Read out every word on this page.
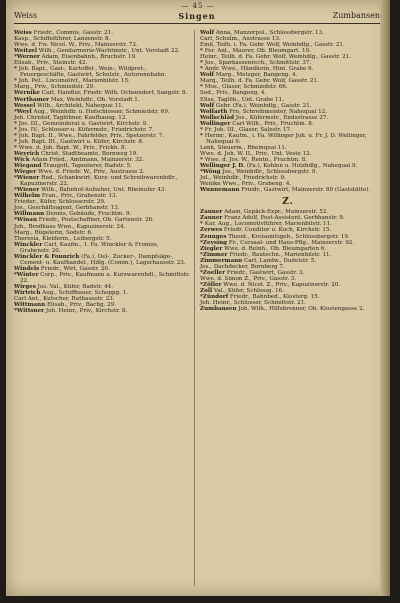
— 45 —
Weiss	Singen	Zumbansen

Weiss Friedr., Commis, Gasstr. 21.

Kasp., Schiffeführer, Lanzenstr. 8.

Wwe. d. Fw. Nicol. W., Priv., Mainzerstr. 72.

Weitzel Wilh., Gendarmerie-Wachtmstr., Unt. Vorstadt 22.

*Werner Adam, Eisenbahnh., Bruchstr. 19.

Elisab., Priv., Steinstr. 42.

* Joh. Bapt., Gast-, Kartoffel-, Wein-, Wildpret-, Feuergeschäfte, Gastwirt, Schulstr., Autorennbahn.

* Joh. Pet., Locomotivf., Marienbilstr. 15.

Marg., Priv., Schmiedstr. 29.

Wernike Carl, Handler, Friedr. Wilh. Ochsendorf, Sangstr. 8.

Werthamer Max, Weinhdlr., Ob. Vorstadt 1.

Wessel Wilh., Architekt, Nahequai 11.

*Weyl Aug., Weinhdlr. u. Hofschlosser, Schmiedstr. 69.

Joh. Christof, Taglöhner, Kaufhausg. 12.

* Jos. III., Gemeinderat u. Gastwirt, Kirchstr. 9.

* Jos. IV., Schlosser-u. Küfermstr., Friedrichstr. 7.

* Joh. Bapt. II., Wwe., Fahrfelder, Priv., Spetzerstr. 7.

* Joh. Bapt. III., Gastwirt u. Küfer, Kirchstr. 8.

* Wwe. d. Joh. Bapt. W., Priv., Frickh. 8.

Weyrich Christ. Stadtbeamte, Bornweg 19.

Wick Adam Fried., Amtmann, Mainzerstr. 32.

Wiegand Traugott, Tapezierer, Badstr. 5.

Wieger Wwe. d. Friedr. W., Priv., Austrasse 2.

*Wiener Rud., Schankwirt, Kurz- und Schreibwarenhdlr., Kapuzinerstr. 22.

*Wiener Wilh., Bahnhof-Aufseher, Unt. Rheinufer 43.

Wilhelm Fran., Priv., Grabenstr. 13.

Frieder., Küfer, Schlosserstr. 29.

Jos., Geschäftsagent, Gerbhanstr. 13.

Willmann Dennis, Gebäude, Fruchtm. 9.

*Winau Friedr., Postschaffner, Ob. Gartenstr. 26.

Joh., Brodhaus Wwe., Kapuzinerstr. 24.

Marg., Bügelerin, Sodstr. 6.

Theresia, Kleiderm., Leibergstr. 5.

Winckler Carl, Kaufm., 1. Fa. Winckler & Fronius, Grabenstr. 20.

Winckler & Fonnrich (Fa.), Oel-, Zucker-, Dampfsäge-, Cement- u. Kaufhandel., Hdlg. (Comm.), Lagerhausstr. 23.

Windels Friedr., Wirt, Gasstr. 20.

*Winter Corp., Priv., Kaufmann u. Kurzwarenhdl., Schmittstr. 22.

Wirges Jos. Val., Küfer, Badstr. 44.

Wirtrich Aug., Schiffbauer, Schoppg. 1.

Carl Ant., Kutscher, Rathausstr. 23.

Wittmann Elisab., Priv., Bachg. 29.

*Wittsner Joh. Heinr., Priv., Kirchstr. 8.

Wolf Anna, Manzerpol., Schlossbergstr. 13.

Carl, Schulm., Austrasse 13.

Emil, Teilh. i. Fa. Gebr. Wolf, Weinhdlg., Gasstr. 21.

* Fer. Ant., Maurer, Ob. Bleumgart. 19.

Heinr., Teilh. d. Fa. Gebr. Wolf, Weinhdlg., Gasstr. 21.

* Jos., Sparkassenrech., Schmittstr. 37.

* Andr. Wwe., Händlerin, Hint. Grabe 6.

Wolf Marg., Metzger, Bangeng. 4.

Marq., Teilh. d. Fa. Gebr. Wolf, Gasstr. 21.

* Mos., Glaser, Schmiedstr. 66.

Sod., Priv., Bangeng. 4.

Elise, Taglöh., Unt. Grabe 11.

Wolf Gebr. (Fa.), Weinhdlg., Gasstr. 21.

Wolfarth Fro, Schreibmeister, Nahequai 12.

Wollschläd Jos., Küfermstr., Endsstrasse 27.

Wollinger Carl Wilh., Priv., Fruchtm. 8.

* Fr. Joh. III., Glaser, Salzstr. 17.

* Hermr., Kaufm., i. Fa. Willinger Joh. u. Fr. J. D. Wellinger, Nahequai 9.

Lenk, Steuerm., Rheinquai 11.

Wwe. d. Joh. W. II., Priv., Unt. Veste 12.

* Wwe. d. Jos. W., Rentn., Fruchtm. 8.

Wellinger J. D. (Fa.), Kohlen u. Holzhdlg., Nahequai 9.

*Wöng Jos., Weinhdlr., Schlossbergstr. 9.

Jul., Weinhdlr., Friedrichstr. 9.

Wenike Wwe., Priv., Grabeng. 4.

Wunnemann Friedr., Gastwirt, Mainzerstr. 80 (Gaststätte).

Z.

Zauner Adam, Gepäck-Expr., Mainzerstr. 52.

Zauner Franz Adolf, Post-Assistent, Gerbhanstr. 9.

* Kar. Aug., Locomotivführer, Marienbilstr. 11.

Zerwes Friedr. Conditor u. Koch, Kirchstr. 15.

Zeunges Theod., Kreisamtsgeh., Schlossbergstr. 19.

*Zeysing Fr., Cursaal- und Haus-Pflg., Mainzerstr. 92.

Ziegler Wwe. d. Reinh., Ob. Bleumgarten 6.

*Zimmer Friedr., Bautechn., Marienbilstr. 11.

Zimmermann Carl, Landw., Dudelstr. 5.

Jos., Dachdecker, Bornberg 7.

*Zoeller Friedr., Gastwirt, Gasstr. 3.

Wwe. d. Simon Z., Priv., Gasstr. 3.

*Zöller Wwe. d. Nicol. Z., Priv., Kapuzinerstr. 20.

Zoll Val., Küfer, Schlossg. 16.

*Zündorf Friedr., Bahnbed., Klosterg. 15.

Joh. Heinr., Schlosser, Schmittstr. 21.

Zumbansen Joh. Wilh., Hilfsbrenner, Ob. Klostengasse 2.
